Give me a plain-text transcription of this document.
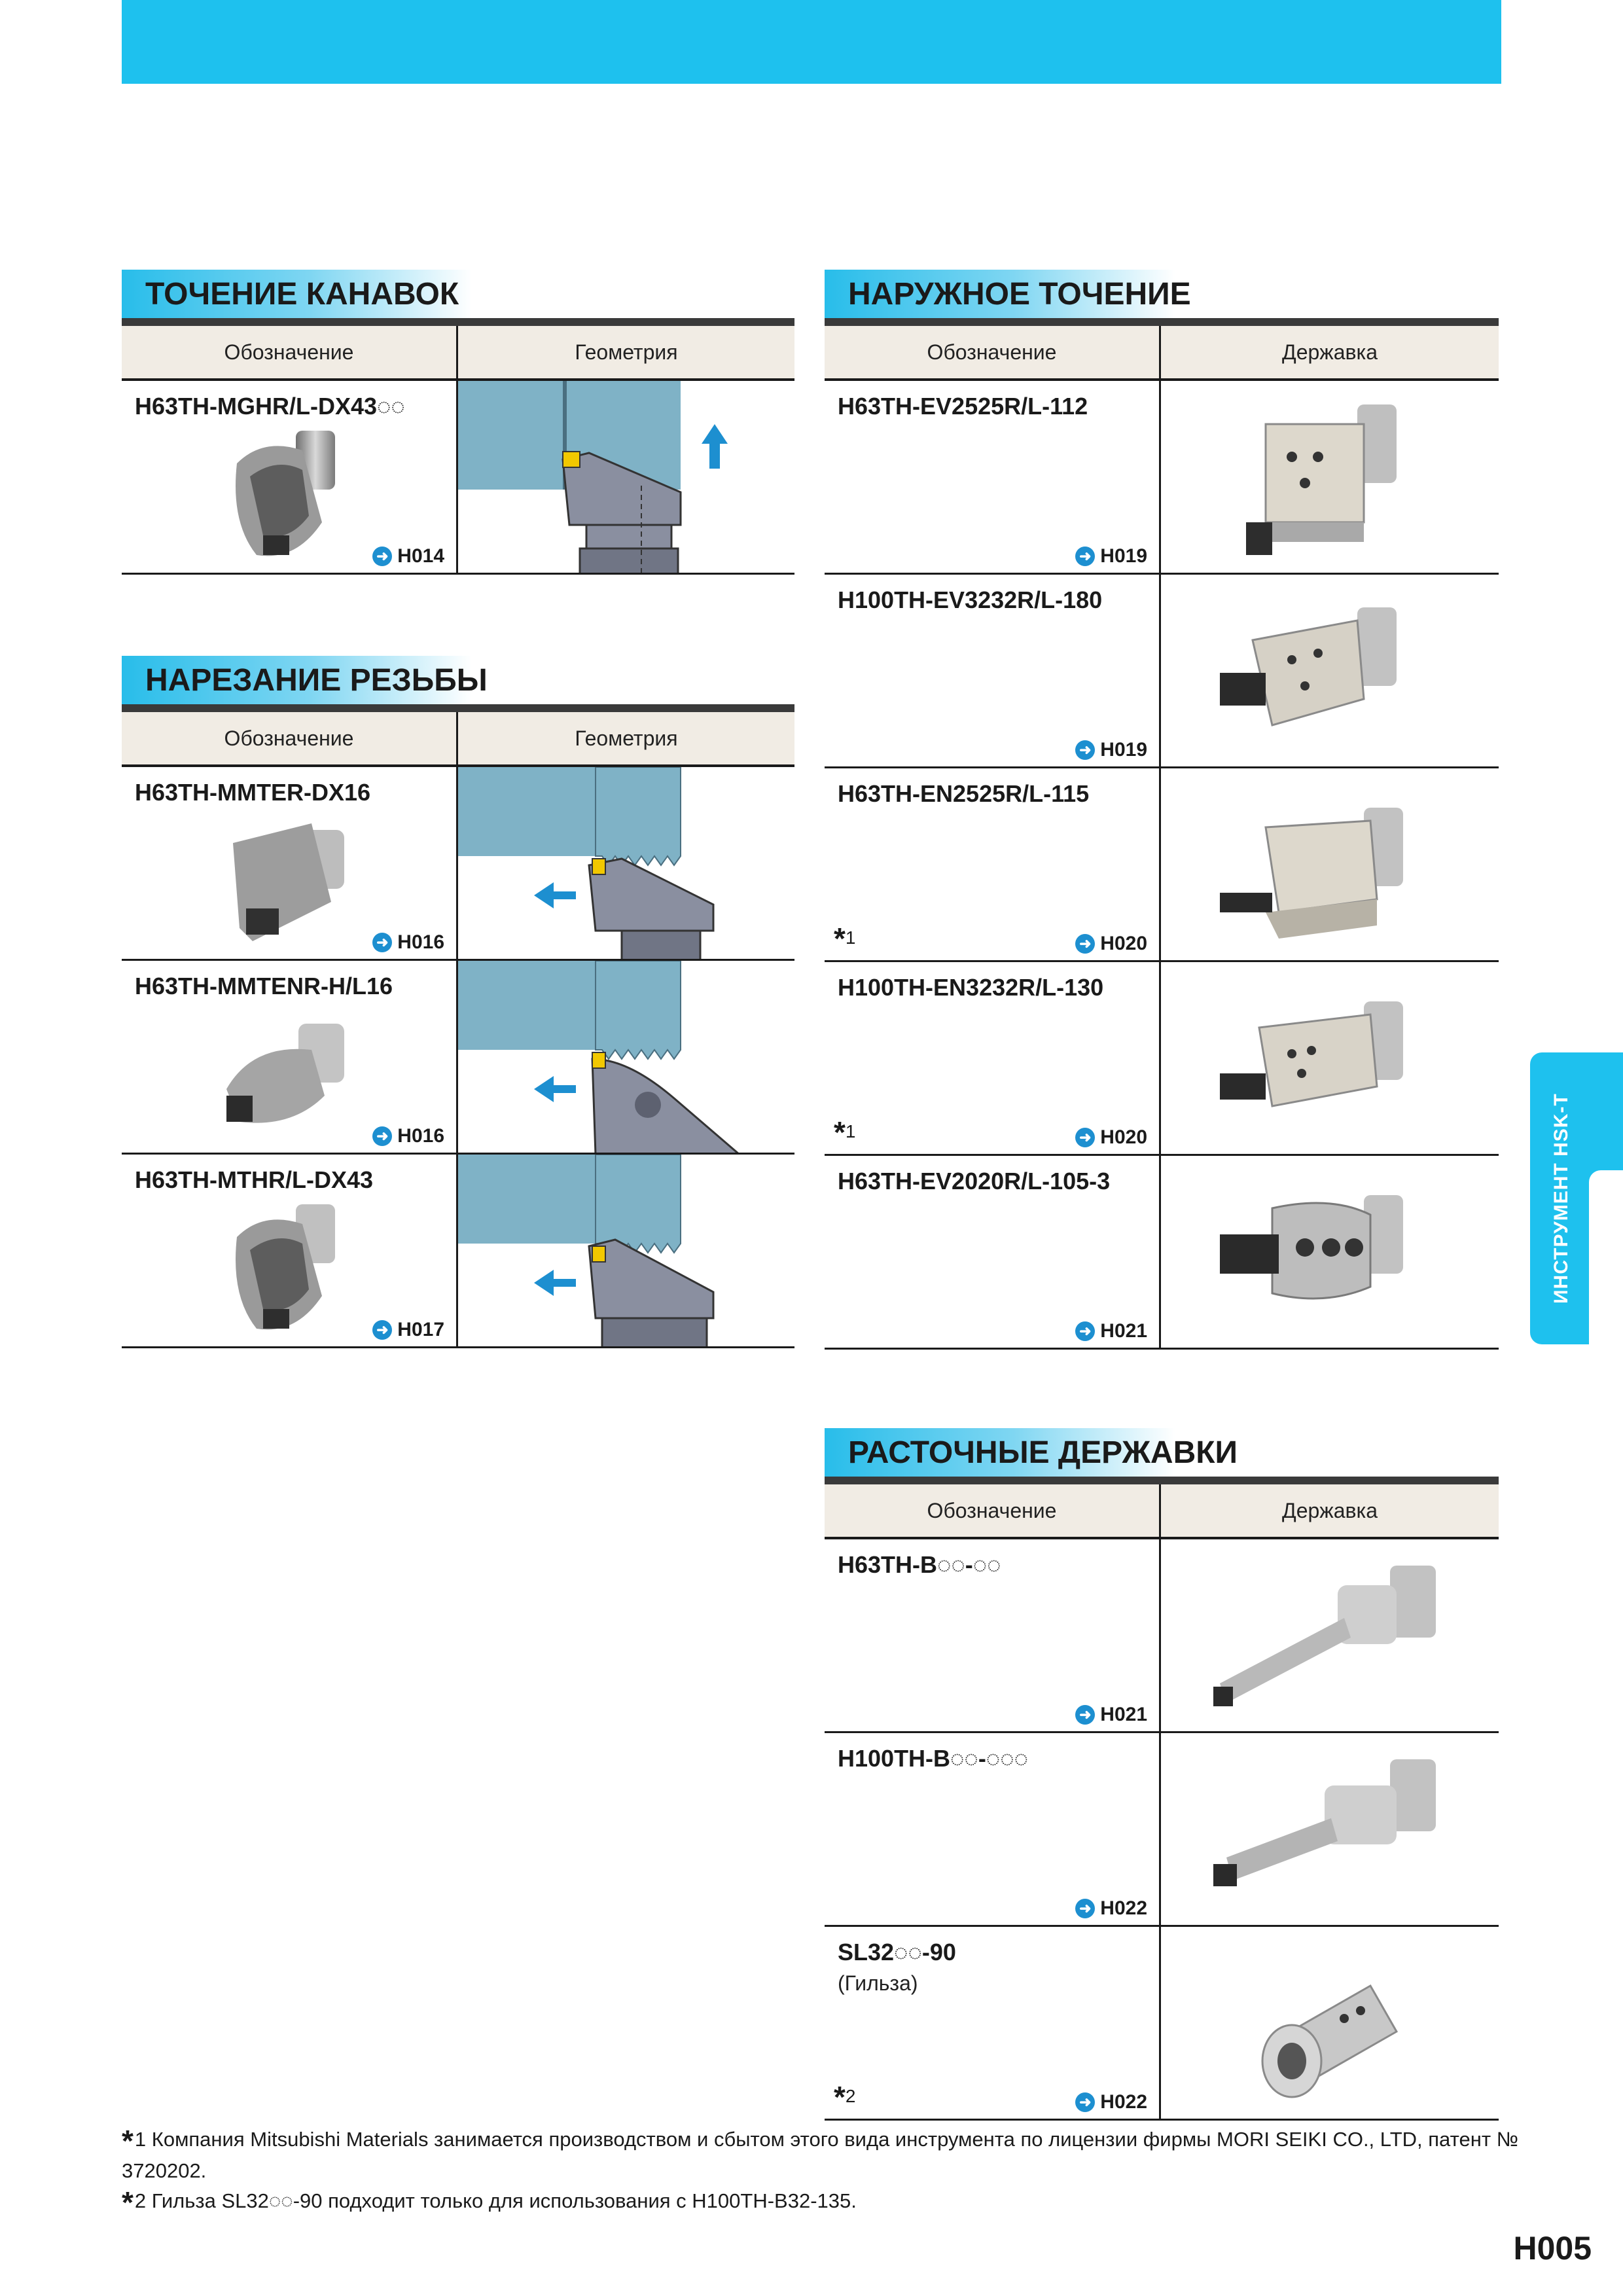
ТОЧЕНИЕ КАНАВОК
Обозначение	Геометрия
H63TH-MGHR/L-DX43◌◌
➜ H014
НАРЕЗАНИЕ РЕЗЬБЫ
Обозначение	Геометрия
H63TH-MMTER-DX16
➜ H016
H63TH-MMTENR-H/L16
➜ H016
H63TH-MTHR/L-DX43
➜ H017
НАРУЖНОЕ ТОЧЕНИЕ
Обозначение	Державка
H63TH-EV2525R/L-112
➜ H019
H100TH-EV3232R/L-180
➜ H019
H63TH-EN2525R/L-115
*1	➜ H020
H100TH-EN3232R/L-130
*1	➜ H020
H63TH-EV2020R/L-105-3
➜ H021
РАСТОЧНЫЕ ДЕРЖАВКИ
Обозначение	Державка
H63TH-B◌◌-◌◌
➜ H021
H100TH-B◌◌-◌◌◌
➜ H022
SL32◌◌-90
(Гильза)
*2	➜ H022
ИНСТРУМЕНТ HSK-T
*1 Компания Mitsubishi Materials занимается производством и сбытом этого вида инструмента по лицензии фирмы MORI SEIKI CO., LTD, патент № 3720202.
*2 Гильза SL32◌◌-90 подходит только для использования с H100TH-B32-135.
H005
